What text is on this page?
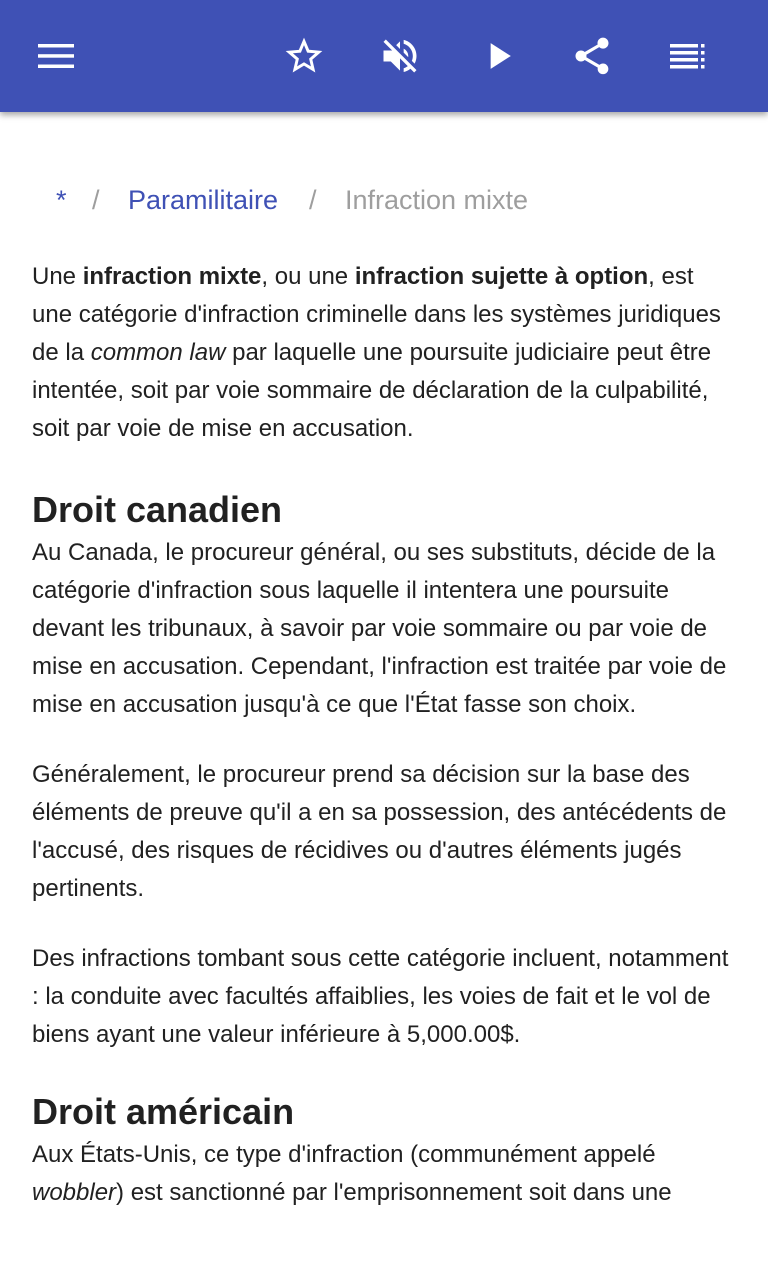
* / Paramilitaire / Infraction mixte

Une infraction mixte, ou une infraction sujette à option, est une catégorie d'infraction criminelle dans les systèmes juridiques de la common law par laquelle une poursuite judiciaire peut être intentée, soit par voie sommaire de déclaration de la culpabilité, soit par voie de mise en accusation.

Droit canadien

Au Canada, le procureur général, ou ses substituts, décide de la catégorie d'infraction sous laquelle il intentera une poursuite devant les tribunaux, à savoir par voie sommaire ou par voie de mise en accusation. Cependant, l'infraction est traitée par voie de mise en accusation jusqu'à ce que l'État fasse son choix.

Généralement, le procureur prend sa décision sur la base des éléments de preuve qu'il a en sa possession, des antécédents de l'accusé, des risques de récidives ou d'autres éléments jugés pertinents.

Des infractions tombant sous cette catégorie incluent, notamment : la conduite avec facultés affaiblies, les voies de fait et le vol de biens ayant une valeur inférieure à 5,000.00$.

Droit américain

Aux États-Unis, ce type d'infraction (communément appelé wobbler) est sanctionné par l'emprisonnement soit dans une
